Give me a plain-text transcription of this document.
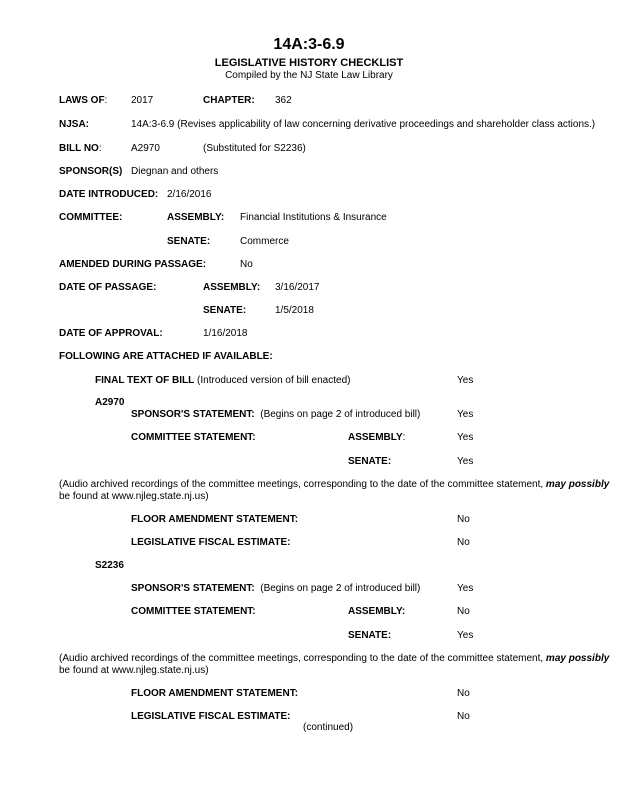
14A:3-6.9
LEGISLATIVE HISTORY CHECKLIST
Compiled by the NJ State Law Library
LAWS OF: 2017	CHAPTER: 362
NJSA:	14A:3-6.9 (Revises applicability of law concerning derivative proceedings and shareholder class actions.)
BILL NO:	A2970	(Substituted for S2236)
SPONSOR(S) Diegnan and others
DATE INTRODUCED: 2/16/2016
COMMITTEE:	ASSEMBLY: Financial Institutions & Insurance
SENATE:	Commerce
AMENDED DURING PASSAGE:	No
DATE OF PASSAGE:	ASSEMBLY: 3/16/2017
SENATE:	1/5/2018
DATE OF APPROVAL:	1/16/2018
FOLLOWING ARE ATTACHED IF AVAILABLE:
FINAL TEXT OF BILL (Introduced version of bill enacted)	Yes
A2970
SPONSOR'S STATEMENT: (Begins on page 2 of introduced bill)	Yes
COMMITTEE STATEMENT:	ASSEMBLY:	Yes
SENATE:	Yes
(Audio archived recordings of the committee meetings, corresponding to the date of the committee statement, may possibly
be found at www.njleg.state.nj.us)
FLOOR AMENDMENT STATEMENT:	No
LEGISLATIVE FISCAL ESTIMATE:	No
S2236
SPONSOR'S STATEMENT: (Begins on page 2 of introduced bill)	Yes
COMMITTEE STATEMENT:	ASSEMBLY:	No
SENATE:	Yes
(Audio archived recordings of the committee meetings, corresponding to the date of the committee statement, may possibly
be found at www.njleg.state.nj.us)
FLOOR AMENDMENT STATEMENT:	No
LEGISLATIVE FISCAL ESTIMATE:	No
(continued)
